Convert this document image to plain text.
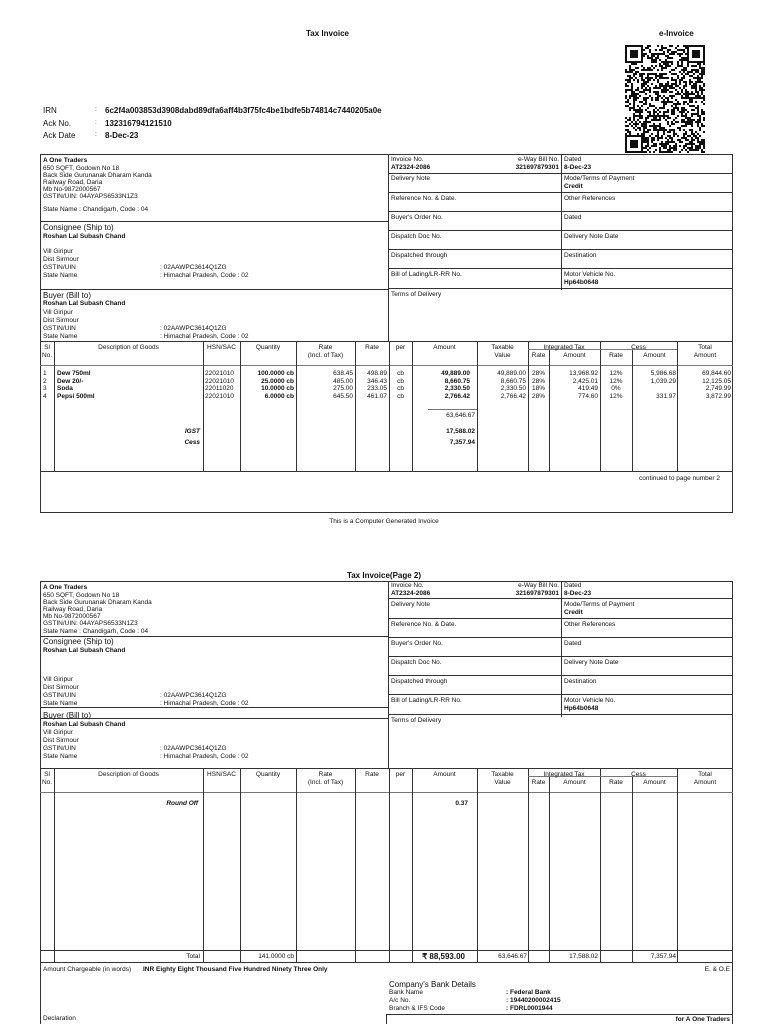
Tax Invoice	e-Invoice
IRN	: 6c2f4a003853d3908dabd89dfa6aff4b3f75fc4be1bdfe5b74814c7440205a0e
Ack No.	: 132316794121510
Ack Date	: 8-Dec-23
A One Traders
650 SQFT, Godown No 18
Back Side Gurunanak Dharam Kanda
Railway Road, Daria
Mb No-9872000567
GSTIN/UIN: 04AYAPS6533N1Z3
State Name : Chandigarh, Code : 04
Consignee (Ship to)
Roshan Lal Subash Chand
Vill Giripur
Dist Sirmour
GSTIN/UIN	: 02AAWPC3614Q1ZG
State Name	: Himachal Pradesh, Code : 02
Buyer (Bill to)
Roshan Lal Subash Chand
Vill Giripur
Dist Sirmour
GSTIN/UIN	: 02AAWPC3614Q1ZG
State Name	: Himachal Pradesh, Code : 02
Invoice No.
AT2324-2086
e-Way Bill No.
321697879301
Dated
8-Dec-23
Delivery Note	Mode/Terms of Payment
Credit
Reference No. & Date.	Other References
Buyer's Order No.	Dated
Dispatch Doc No.	Delivery Note Date
Dispatched through	Destination
Bill of Lading/LR-RR No.	Motor Vehicle No.
Hp64b0648
Terms of Delivery
Sl
No.
Description of Goods	HSN/SAC	Quantity	Rate
(Incl. of Tax)
Rate	per	Amount	Taxable
Value
Integrated Tax
Rate	Amount
Cess
Rate	Amount
Total
Amount
1	Dew 750ml	22021010	100.0000 cb	638.45	498.89	cb	49,889.00	49,889.00 28%	13,968.92	12%	5,986.68	69,844.60
2	Dew 20/-	22021010	25.0000 cb	485.00	346.43	cb	8,660.75	8,660.75 28%	2,425.01	12%	1,039.29	12,125.05
3	Soda	22011020	10.0000 cb	275.00	233.05	cb	2,330.50	2,330.50 18%	419.49	0%	2,749.99
4	Pepsi 500ml	22021010	6.0000 cb	645.50	461.07	cb	2,766.42	2,766.42 28%	774.60	12%	331.97	3,872.99
63,646.67
IGST	17,588.02
Cess	7,357.94
continued to page number 2
This is a Computer Generated Invoice
Tax Invoice(Page 2)
A One Traders
650 SQFT, Godown No 18
Back Side Gurunanak Dharam Kanda
Railway Road, Daria
Mb No-9872000567
GSTIN/UIN: 04AYAPS6533N1Z3
State Name : Chandigarh, Code : 04
Consignee (Ship to)
Roshan Lal Subash Chand
Vill Giripur
Dist Sirmour
GSTIN/UIN	: 02AAWPC3614Q1ZG
State Name	: Himachal Pradesh, Code : 02
Buyer (Bill to)
Roshan Lal Subash Chand
Vill Giripur
Dist Sirmour
GSTIN/UIN	: 02AAWPC3614Q1ZG
State Name	: Himachal Pradesh, Code : 02
Invoice No.
AT2324-2086
e-Way Bill No.
321697879301
Dated
8-Dec-23
Delivery Note	Mode/Terms of Payment
Credit
Reference No. & Date.	Other References
Buyer's Order No.	Dated
Dispatch Doc No.	Delivery Note Date
Dispatched through	Destination
Bill of Lading/LR-RR No.	Motor Vehicle No.
Hp64b0648
Terms of Delivery
Sl
No.
Description of Goods	HSN/SAC	Quantity	Rate
(Incl. of Tax)
Rate	per	Amount	Taxable
Value
Integrated Tax
Rate	Amount
Cess
Rate	Amount
Total
Amount
Round Off	0.37
Total	141.0000 cb	₹ 88,593.00	63,646.67	17,588.02	7,357.94
Amount Chargeable (in words) INR Eighty Eight Thousand Five Hundred Ninety Three Only	E. & O.E
Company's Bank Details
Bank Name	: Federal Bank
A/c No.	: 19440200002415
Branch & IFS Code	: FDRL0001944
Declaration	for A One Traders
